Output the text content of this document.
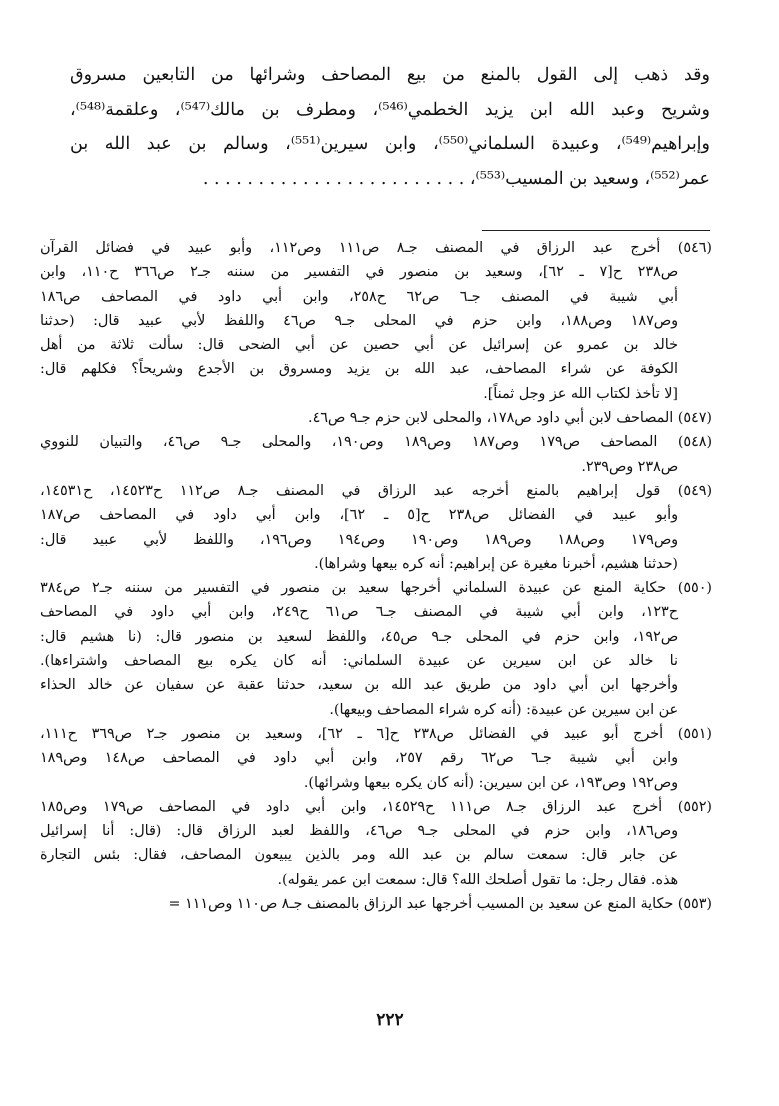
وقد ذهب إلى القول بالمنع من بيع المصاحف وشرائها من التابعين مسروق
وشريح وعبد الله ابن يزيد الخطمي⁽⁵⁴⁶⁾، ومطرف بن مالك⁽⁵⁴⁷⁾، وعلقمة⁽⁵⁴⁸⁾،
وإبراهيم⁽⁵⁴⁹⁾، وعبيدة السلماني⁽⁵⁵⁰⁾، وابن سيرين⁽⁵⁵¹⁾، وسالم بن عبد الله بن
عمر⁽⁵⁵²⁾، وسعيد بن المسيب⁽⁵⁵³⁾، . . . . . . . . . . . . . . . . . . . . . . . .
(٥٤٦) أخرج عبد الرزاق في المصنف جـ٨ ص١١١ وص١١٢، وأبو عبيد في فضائل القرآن
ص٢٣٨ ح[٧ ـ ٦٢]، وسعيد بن منصور في التفسير من سننه جـ٢ ص٣٦٦ ح١١٠، وابن
أبي شيبة في المصنف جـ٦ ص٦٢ ح٢٥٨، وابن أبي داود في المصاحف ص١٨٦
وص١٨٧ وص١٨٨، وابن حزم في المحلى جـ٩ ص٤٦ واللفظ لأبي عبيد قال: (حدثنا
خالد بن عمرو عن إسرائيل عن أبي حصين عن أبي الضحى قال: سألت ثلاثة من أهل
الكوفة عن شراء المصاحف، عبد الله بن يزيد ومسروق بن الأجدع وشريحاً؟ فكلهم قال:
[لا تأخذ لكتاب الله عز وجل ثمناً].
(٥٤٧) المصاحف لابن أبي داود ص١٧٨، والمحلى لابن حزم جـ٩ ص٤٦.
(٥٤٨) المصاحف ص١٧٩ وص١٨٧ وص١٨٩ وص١٩٠، والمحلى جـ٩ ص٤٦، والتبيان للنووي
ص٢٣٨ وص٢٣٩.
(٥٤٩) قول إبراهيم بالمنع أخرجه عبد الرزاق في المصنف جـ٨ ص١١٢ ح١٤٥٢٣، ح١٤٥٣١،
وأبو عبيد في الفضائل ص٢٣٨ ح[٥ ـ ٦٢]، وابن أبي داود في المصاحف ص١٨٧
وص١٧٩ وص١٨٨ وص١٨٩ وص١٩٠ وص١٩٤ وص١٩٦، واللفظ لأبي عبيد قال:
(حدثنا هشيم، أخبرنا مغيرة عن إبراهيم: أنه كره بيعها وشراها).
(٥٥٠) حكاية المنع عن عبيدة السلماني أخرجها سعيد بن منصور في التفسير من سننه جـ٢ ص٣٨٤
ح١٢٣، وابن أبي شيبة في المصنف جـ٦ ص٦١ ح٢٤٩، وابن أبي داود في المصاحف
ص١٩٢، وابن حزم في المحلى جـ٩ ص٤٥، واللفظ لسعيد بن منصور قال: (نا هشيم قال:
نا خالد عن ابن سيرين عن عبيدة السلماني: أنه كان يكره بيع المصاحف واشتراءها).
وأخرجها ابن أبي داود من طريق عبد الله بن سعيد، حدثنا عقبة عن سفيان عن خالد الحذاء
عن ابن سيرين عن عبيدة: (أنه كره شراء المصاحف وبيعها).
(٥٥١) أخرج أبو عبيد في الفضائل ص٢٣٨ ح[٦ ـ ٦٢]، وسعيد بن منصور جـ٢ ص٣٦٩ ح١١١،
وابن أبي شيبة جـ٦ ص٦٢ رقم ٢٥٧، وابن أبي داود في المصاحف ص١٤٨ وص١٨٩
وص١٩٢ وص١٩٣، عن ابن سيرين: (أنه كان يكره بيعها وشرائها).
(٥٥٢) أخرج عبد الرزاق جـ٨ ص١١١ ح١٤٥٢٩، وابن أبي داود في المصاحف ص١٧٩ وص١٨٥
وص١٨٦، وابن حزم في المحلى جـ٩ ص٤٦، واللفظ لعبد الرزاق قال: (قال: أنا إسرائيل
عن جابر قال: سمعت سالم بن عبد الله ومر بالذين يبيعون المصاحف، فقال: بئس التجارة
هذه. فقال رجل: ما تقول أصلحك الله؟ قال: سمعت ابن عمر يقوله).
(٥٥٣) حكاية المنع عن سعيد بن المسيب أخرجها عبد الرزاق بالمصنف جـ٨ ص١١٠ وص١١١ =
٢٢٢
